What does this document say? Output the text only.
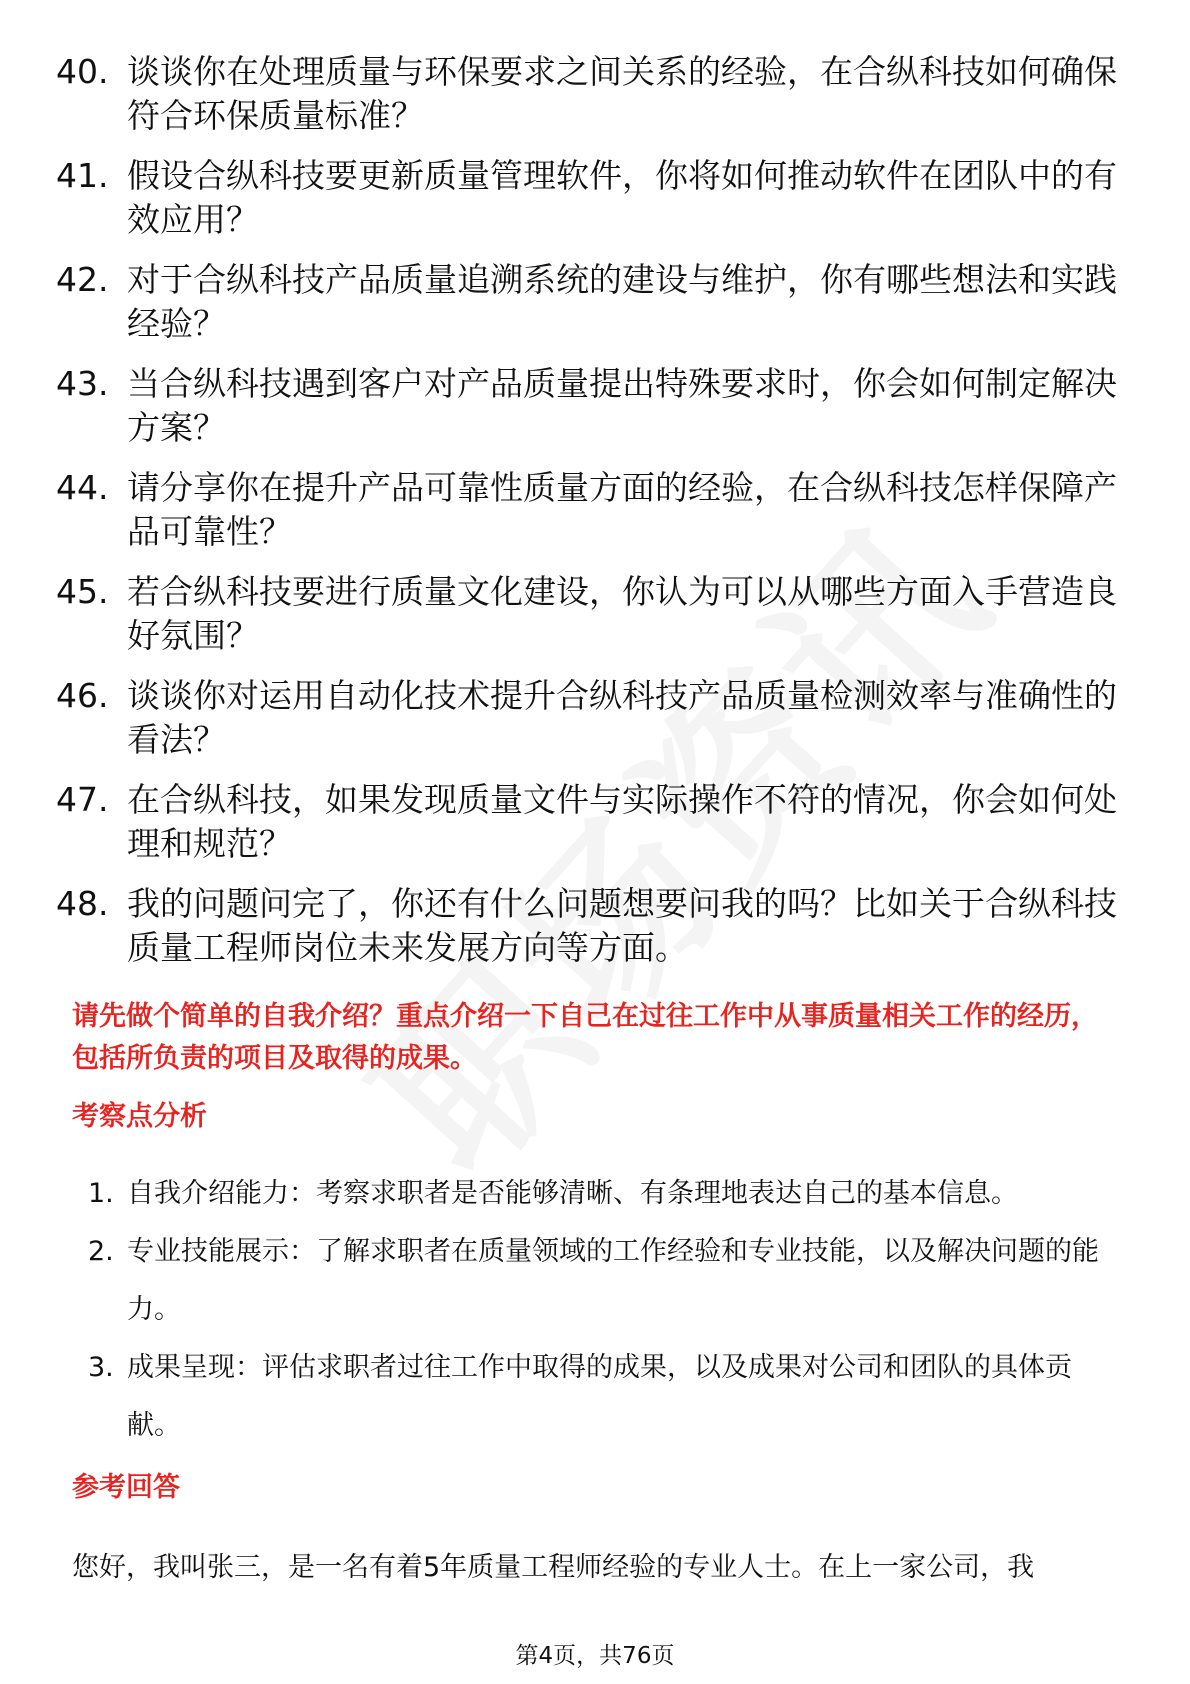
40. 谈谈你在处理质量与环保要求之间关系的经验，在合纵科技如何确保符合环保质量标准？
41. 假设合纵科技要更新质量管理软件，你将如何推动软件在团队中的有效应用？
42. 对于合纵科技产品质量追溯系统的建设与维护，你有哪些想法和实践经验？
43. 当合纵科技遇到客户对产品质量提出特殊要求时，你会如何制定解决方案？
44. 请分享你在提升产品可靠性质量方面的经验，在合纵科技怎样保障产品可靠性？
45. 若合纵科技要进行质量文化建设，你认为可以从哪些方面入手营造良好氛围？
46. 谈谈你对运用自动化技术提升合纵科技产品质量检测效率与准确性的看法？
47. 在合纵科技，如果发现质量文件与实际操作不符的情况，你会如何处理和规范？
48. 我的问题问完了，你还有什么问题想要问我的吗？比如关于合纵科技质量工程师岗位未来发展方向等方面。
请先做个简单的自我介绍？重点介绍一下自己在过往工作中从事质量相关工作的经历，包括所负责的项目及取得的成果。
考察点分析
1. 自我介绍能力：考察求职者是否能够清晰、有条理地表达自己的基本信息。
2. 专业技能展示：了解求职者在质量领域的工作经验和专业技能，以及解决问题的能力。
3. 成果呈现：评估求职者过往工作中取得的成果，以及成果对公司和团队的具体贡献。
参考回答
您好，我叫张三，是一名有着5年质量工程师经验的专业人士。在上一家公司，我
第4页，共76页
